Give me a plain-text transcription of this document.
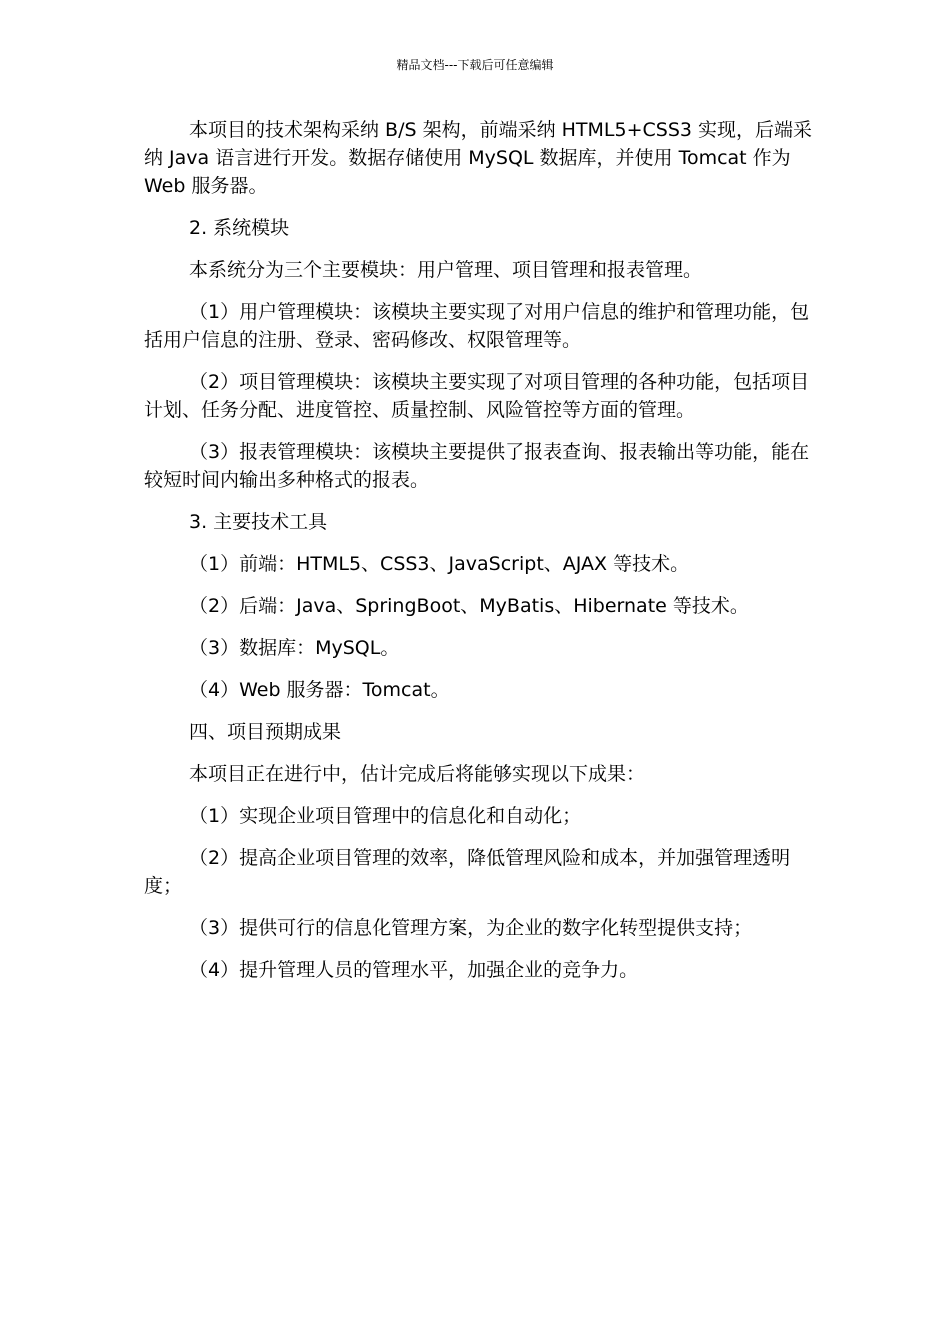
精品文档---下载后可任意编辑

本项目的技术架构采纳 B/S 架构，前端采纳 HTML5+CSS3 实现，后端采纳 Java 语言进行开发。数据存储使用 MySQL 数据库，并使用 Tomcat 作为 Web 服务器。

2. 系统模块

本系统分为三个主要模块：用户管理、项目管理和报表管理。

（1）用户管理模块：该模块主要实现了对用户信息的维护和管理功能，包括用户信息的注册、登录、密码修改、权限管理等。

（2）项目管理模块：该模块主要实现了对项目管理的各种功能，包括项目计划、任务分配、进度管控、质量控制、风险管控等方面的管理。

（3）报表管理模块：该模块主要提供了报表查询、报表输出等功能，能在较短时间内输出多种格式的报表。

3. 主要技术工具

（1）前端：HTML5、CSS3、JavaScript、AJAX 等技术。

（2）后端：Java、SpringBoot、MyBatis、Hibernate 等技术。

（3）数据库：MySQL。

（4）Web 服务器：Tomcat。

四、项目预期成果

本项目正在进行中，估计完成后将能够实现以下成果：

（1）实现企业项目管理中的信息化和自动化；

（2）提高企业项目管理的效率，降低管理风险和成本，并加强管理透明度；

（3）提供可行的信息化管理方案，为企业的数字化转型提供支持；

（4）提升管理人员的管理水平，加强企业的竞争力。
